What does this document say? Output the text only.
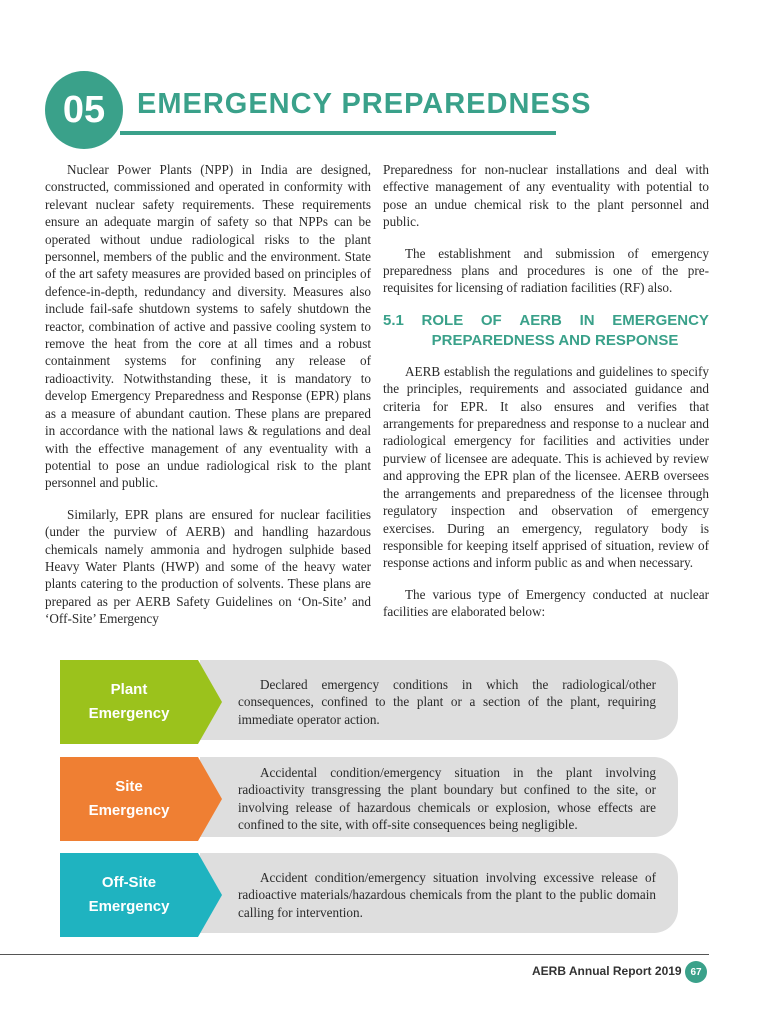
05 EMERGENCY PREPAREDNESS

Nuclear Power Plants (NPP) in India are designed, constructed, commissioned and operated in conformity with relevant nuclear safety requirements. These requirements ensure an adequate margin of safety so that NPPs can be operated without undue radiological risks to the plant personnel, members of the public and the environment. State of the art safety measures are provided based on principles of defence-in-depth, redundancy and diversity. Measures also include fail-safe shutdown systems to safely shutdown the reactor, combination of active and passive cooling system to remove the heat from the core at all times and a robust containment systems for confining any release of radioactivity. Notwithstanding these, it is mandatory to develop Emergency Preparedness and Response (EPR) plans as a measure of abundant caution. These plans are prepared in accordance with the national laws & regulations and deal with the effective management of any eventuality with a potential to pose an undue radiological risk to the plant personnel and public.

Similarly, EPR plans are ensured for nuclear facilities (under the purview of AERB) and handling hazardous chemicals namely ammonia and hydrogen sulphide based Heavy Water Plants (HWP) and some of the heavy water plants catering to the production of solvents. These plans are prepared as per AERB Safety Guidelines on ‘On-Site’ and ‘Off-Site’ Emergency

Preparedness for non-nuclear installations and deal with effective management of any eventuality with potential to pose an undue chemical risk to the plant personnel and public.

The establishment and submission of emergency preparedness plans and procedures is one of the pre-requisites for licensing of radiation facilities (RF) also.

5.1 ROLE OF AERB IN EMERGENCY
PREPAREDNESS AND RESPONSE

AERB establish the regulations and guidelines to specify the principles, requirements and associated guidance and criteria for EPR. It also ensures and verifies that arrangements for preparedness and response to a nuclear and radiological emergency for facilities and activities under purview of licensee are adequate. This is achieved by review and approving the EPR plan of the licensee. AERB oversees the arrangements and preparedness of the licensee through regulatory inspection and observation of emergency exercises. During an emergency, regulatory body is responsible for keeping itself apprised of situation, review of response actions and inform public as and when necessary.

The various type of Emergency conducted at nuclear facilities are elaborated below:

Plant
Emergency
Declared emergency conditions in which the radiological/other consequences, confined to the plant or a section of the plant, requiring immediate operator action.
Site
Emergency
Accidental condition/emergency situation in the plant involving radioactivity transgressing the plant boundary but confined to the site, or involving release of hazardous chemicals or explosion, whose effects are confined to the site, with off-site consequences being negligible.
Off-Site
Emergency
Accident condition/emergency situation involving excessive release of radioactive materials/hazardous chemicals from the plant to the public domain calling for intervention.
AERB Annual Report 2019 67
